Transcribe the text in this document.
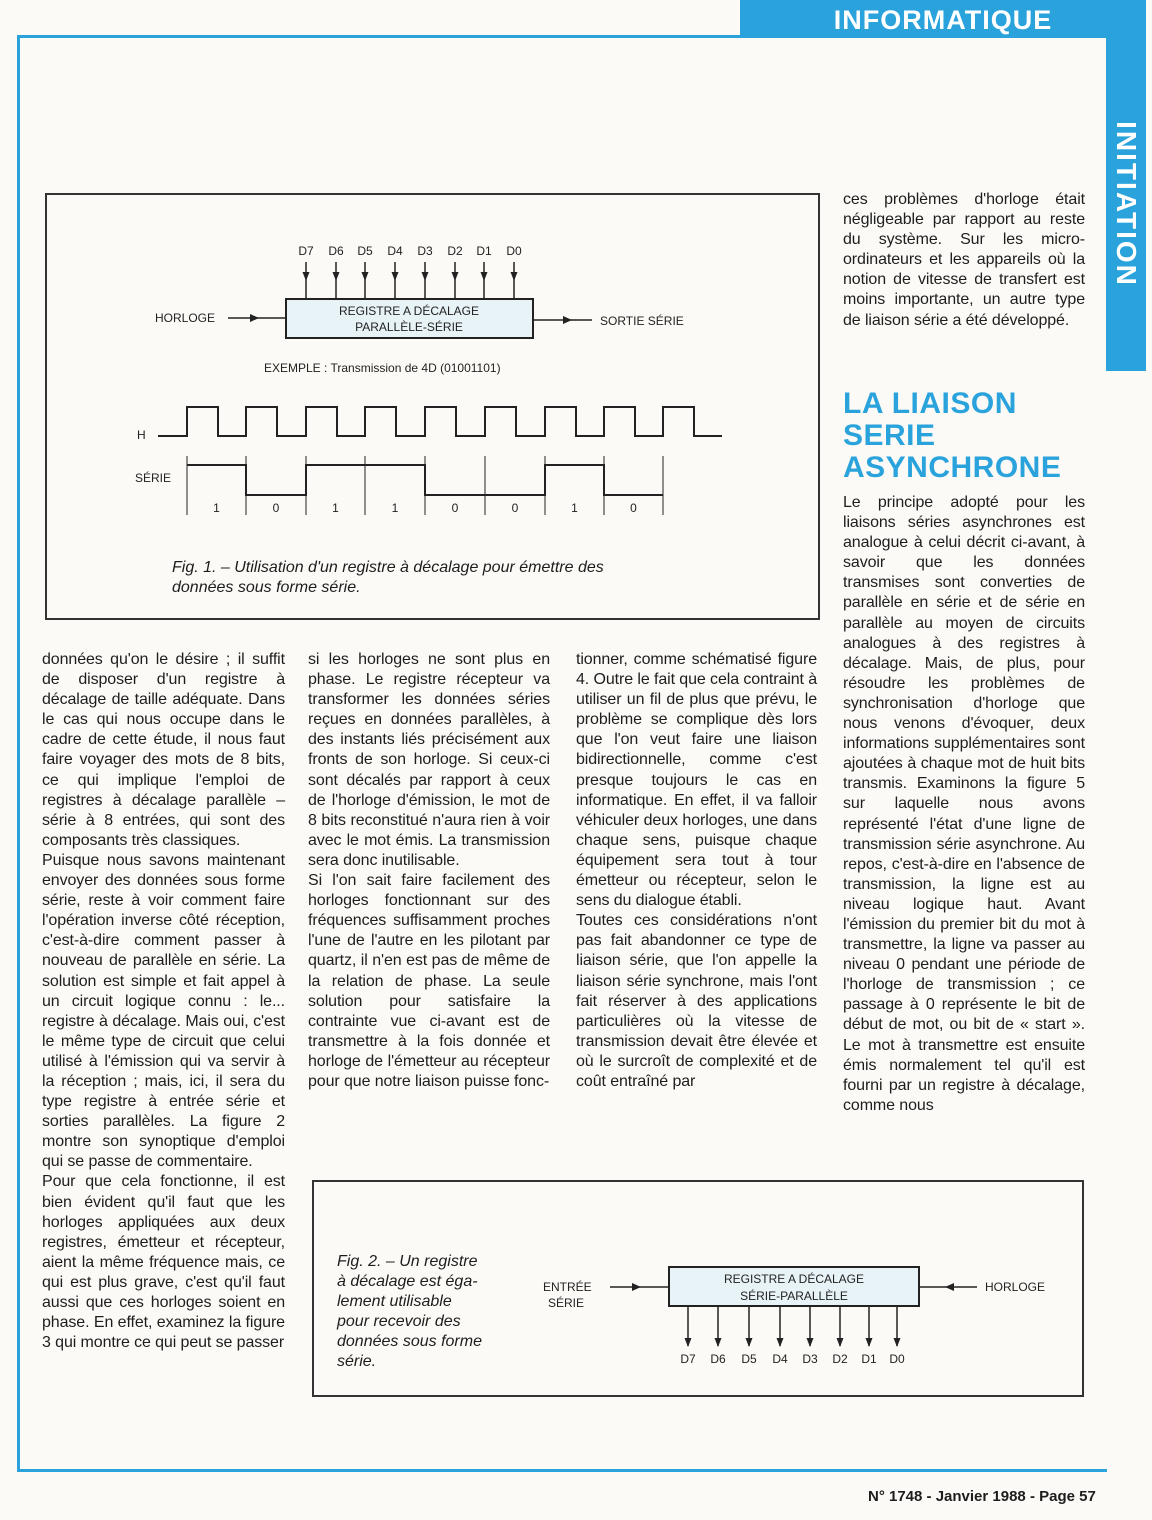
INFORMATIQUE
INITIATION
D7 D6 D5 D4 D3 D2 D1 D0
REGISTRE A DÉCALAGE
PARALLÈLE-SÉRIE
HORLOGE	SORTIE SÉRIE
EXEMPLE : Transmission de 4D (01001101)
H
SÉRIE
1	0	1	1	0	0	1	0
REGISTRE A DÉCALAGE
SÉRIE-PARALLÈLE
ENTRÉE
SÉRIE
HORLOGE
D7 D6 D5 D4 D3 D2 D1 D0
Fig. 1. – Utilisation d'un registre à décalage pour émettre des
données sous forme série.

données qu'on le désire ; il suffit de disposer d'un registre à décalage de taille adéquate. Dans le cas qui nous occupe dans le cadre de cette étude, il nous faut faire voyager des mots de 8 bits, ce qui implique l'emploi de registres à décalage parallèle – série à 8 entrées, qui sont des composants très classiques.

Puisque nous savons maintenant envoyer des données sous forme série, reste à voir comment faire l'opération inverse côté réception, c'est-à-dire comment passer à nouveau de parallèle en série. La solution est simple et fait appel à un circuit logique connu : le... registre à décalage. Mais oui, c'est le même type de circuit que celui utilisé à l'émission qui va servir à la réception ; mais, ici, il sera du type registre à entrée série et sorties parallèles. La figure 2 montre son synoptique d'emploi qui se passe de commentaire.

Pour que cela fonctionne, il est bien évident qu'il faut que les horloges appliquées aux deux registres, émetteur et récepteur, aient la même fréquence mais, ce qui est plus grave, c'est qu'il faut aussi que ces horloges soient en phase. En effet, examinez la figure 3 qui montre ce qui peut se passer

si les horloges ne sont plus en phase. Le registre récepteur va transformer les données séries reçues en données parallèles, à des instants liés précisément aux fronts de son horloge. Si ceux-ci sont décalés par rapport à ceux de l'horloge d'émission, le mot de 8 bits reconstitué n'aura rien à voir avec le mot émis. La transmission sera donc inutilisable.

Si l'on sait faire facilement des horloges fonctionnant sur des fréquences suffisamment proches l'une de l'autre en les pilotant par quartz, il n'en est pas de même de la relation de phase. La seule solution pour satisfaire la contrainte vue ci-avant est de transmettre à la fois donnée et horloge de l'émetteur au récepteur pour que notre liaison puisse fonc-

tionner, comme schématisé figure 4. Outre le fait que cela contraint à utiliser un fil de plus que prévu, le problème se complique dès lors que l'on veut faire une liaison bidirectionnelle, comme c'est presque toujours le cas en informatique. En effet, il va falloir véhiculer deux horloges, une dans chaque sens, puisque chaque équipement sera tout à tour émetteur ou récepteur, selon le sens du dialogue établi.

Toutes ces considérations n'ont pas fait abandonner ce type de liaison série, que l'on appelle la liaison série synchrone, mais l'ont fait réserver à des applications particulières où la vitesse de transmission devait être élevée et où le surcroît de complexité et de coût entraîné par

ces problèmes d'horloge était négligeable par rapport au reste du système. Sur les micro-ordinateurs et les appareils où la notion de vitesse de transfert est moins importante, un autre type de liaison série a été développé.

LA LIAISON
SERIE
ASYNCHRONE

Le principe adopté pour les liaisons séries asynchrones est analogue à celui décrit ci-avant, à savoir que les données transmises sont converties de parallèle en série et de série en parallèle au moyen de circuits analogues à des registres à décalage. Mais, de plus, pour résoudre les problèmes de synchronisation d'horloge que nous venons d'évoquer, deux informations supplémentaires sont ajoutées à chaque mot de huit bits transmis. Examinons la figure 5 sur laquelle nous avons représenté l'état d'une ligne de transmission série asynchrone. Au repos, c'est-à-dire en l'absence de transmission, la ligne est au niveau logique haut. Avant l'émission du premier bit du mot à transmettre, la ligne va passer au niveau 0 pendant une période de l'horloge de transmission ; ce passage à 0 représente le bit de début de mot, ou bit de « start ». Le mot à transmettre est ensuite émis normalement tel qu'il est fourni par un registre à décalage, comme nous

Fig. 2. – Un registre
à décalage est éga-
lement utilisable
pour recevoir des
données sous forme
série.
N° 1748 - Janvier 1988 - Page 57
